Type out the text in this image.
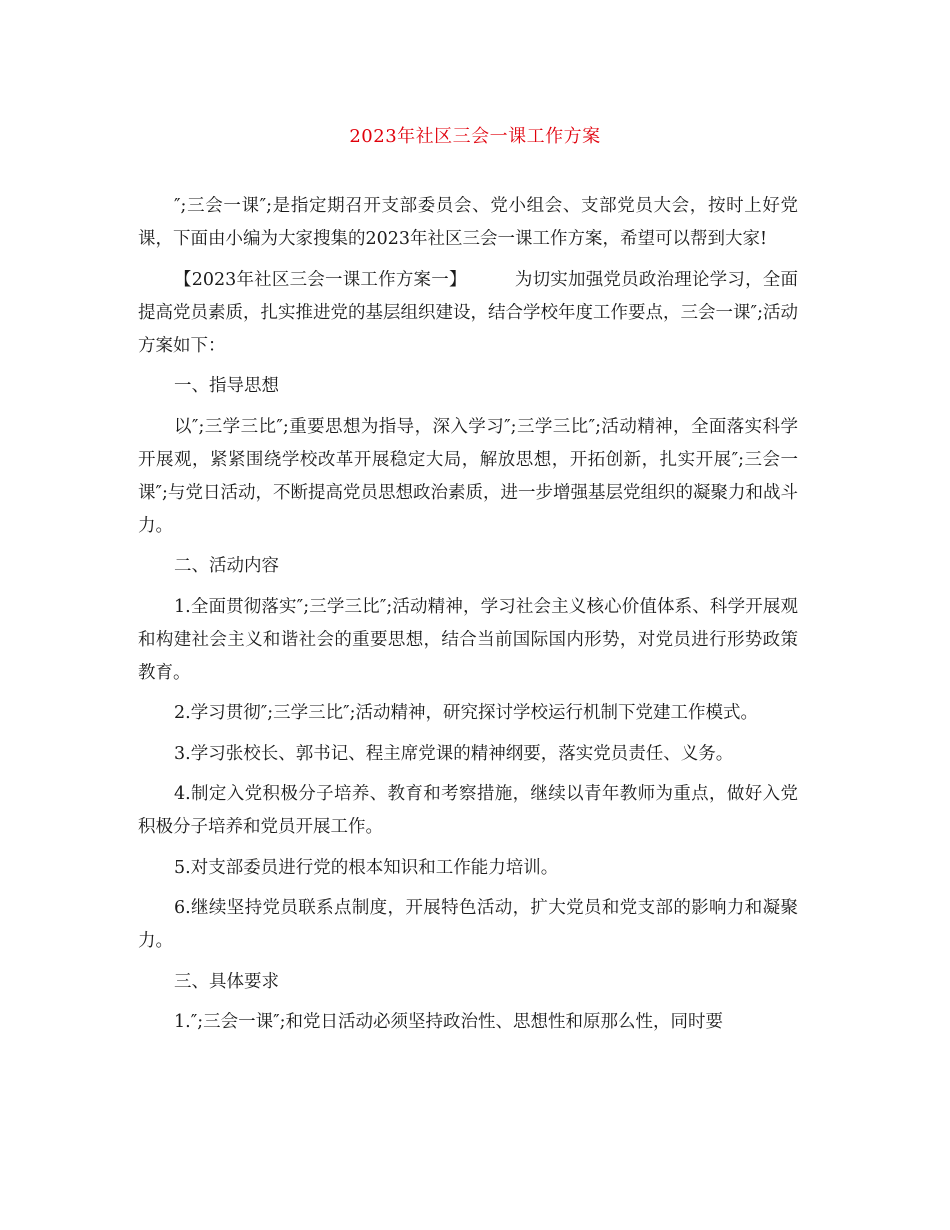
2023年社区三会一课工作方案

″;三会一课″;是指定期召开支部委员会、党小组会、支部党员大会，按时上好党课，下面由小编为大家搜集的2023年社区三会一课工作方案，希望可以帮到大家!

【2023年社区三会一课工作方案一】	为切实加强党员政治理论学习，全面提高党员素质，扎实推进党的基层组织建设，结合学校年度工作要点，三会一课″;活动方案如下：

一、指导思想

以″;三学三比″;重要思想为指导，深入学习″;三学三比″;活动精神，全面落实科学开展观，紧紧围绕学校改革开展稳定大局，解放思想，开拓创新，扎实开展″;三会一课″;与党日活动，不断提高党员思想政治素质，进一步增强基层党组织的凝聚力和战斗力。

二、活动内容

1.全面贯彻落实″;三学三比″;活动精神，学习社会主义核心价值体系、科学开展观和构建社会主义和谐社会的重要思想，结合当前国际国内形势，对党员进行形势政策教育。

2.学习贯彻″;三学三比″;活动精神，研究探讨学校运行机制下党建工作模式。

3.学习张校长、郭书记、程主席党课的精神纲要，落实党员责任、义务。

4.制定入党积极分子培养、教育和考察措施，继续以青年教师为重点，做好入党积极分子培养和党员开展工作。

5.对支部委员进行党的根本知识和工作能力培训。

6.继续坚持党员联系点制度，开展特色活动，扩大党员和党支部的影响力和凝聚力。

三、具体要求

1.″;三会一课″;和党日活动必须坚持政治性、思想性和原那么性，同时要
